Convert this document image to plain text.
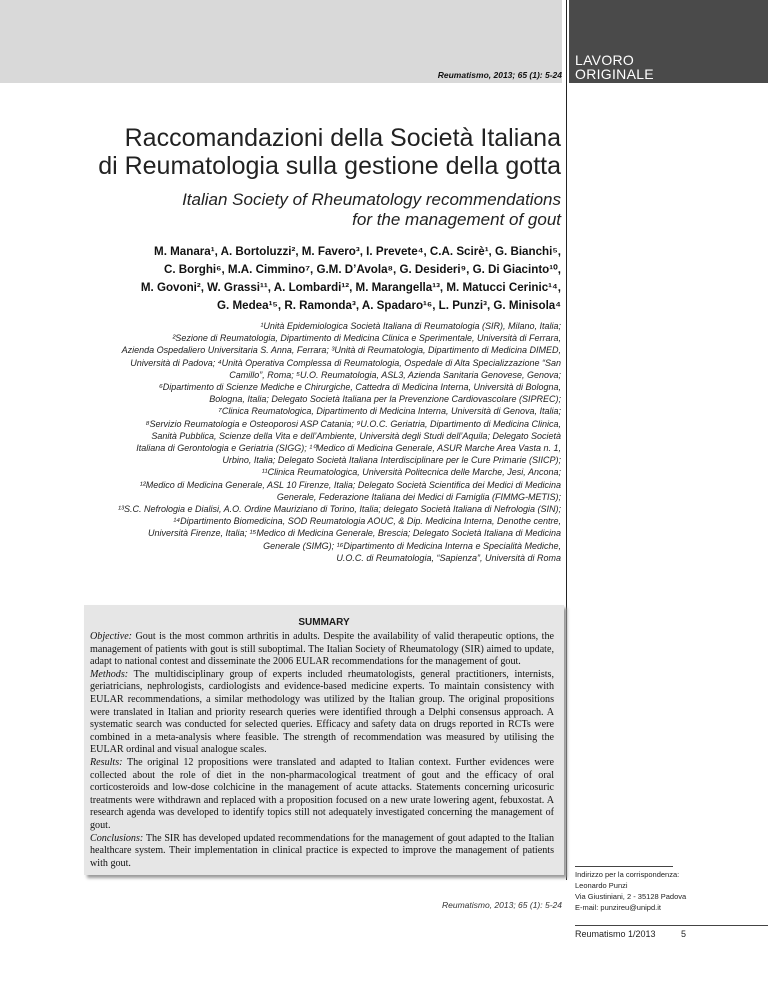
Reumatismo, 2013; 65 (1): 5-24
LAVORO
ORIGINALE
Raccomandazioni della Società Italiana
di Reumatologia sulla gestione della gotta
Italian Society of Rheumatology recommendations
for the management of gout
M. Manara¹, A. Bortoluzzi², M. Favero³, I. Prevete⁴, C.A. Scirè¹, G. Bianchi⁵,
C. Borghi⁶, M.A. Cimmino⁷, G.M. D’Avola⁸, G. Desideri⁹, G. Di Giacinto¹⁰,
M. Govoni², W. Grassi¹¹, A. Lombardi¹², M. Marangella¹³, M. Matucci Cerinic¹⁴,
G. Medea¹⁵, R. Ramonda³, A. Spadaro¹⁶, L. Punzi³, G. Minisola⁴
¹Unità Epidemiologica Società Italiana di Reumatologia (SIR), Milano, Italia;
²Sezione di Reumatologia, Dipartimento di Medicina Clinica e Sperimentale, Università di Ferrara,
Azienda Ospedaliero Universitaria S. Anna, Ferrara; ³Unità di Reumatologia, Dipartimento di Medicina DIMED,
Università di Padova; ⁴Unità Operativa Complessa di Reumatologia, Ospedale di Alta Specializzazione “San
Camillo”, Roma; ⁵U.O. Reumatologia, ASL3, Azienda Sanitaria Genovese, Genova;
⁶Dipartimento di Scienze Mediche e Chirurgiche, Cattedra di Medicina Interna, Università di Bologna,
Bologna, Italia; Delegato Società Italiana per la Prevenzione Cardiovascolare (SIPREC);
⁷Clinica Reumatologica, Dipartimento di Medicina Interna, Università di Genova, Italia;
⁸Servizio Reumatologia e Osteoporosi ASP Catania; ⁹U.O.C. Geriatria, Dipartimento di Medicina Clinica,
Sanità Pubblica, Scienze della Vita e dell’Ambiente, Università degli Studi dell’Aquila; Delegato Società
Italiana di Gerontologia e Geriatria (SIGG); ¹⁰Medico di Medicina Generale, ASUR Marche Area Vasta n. 1,
Urbino, Italia; Delegato Società Italiana Interdisciplinare per le Cure Primarie (SIICP);
¹¹Clinica Reumatologica, Università Politecnica delle Marche, Jesi, Ancona;
¹²Medico di Medicina Generale, ASL 10 Firenze, Italia; Delegato Società Scientifica dei Medici di Medicina
Generale, Federazione Italiana dei Medici di Famiglia (FIMMG-METIS);
¹³S.C. Nefrologia e Dialisi, A.O. Ordine Mauriziano di Torino, Italia; delegato Società Italiana di Nefrologia (SIN);
¹⁴Dipartimento Biomedicina, SOD Reumatologia AOUC, & Dip. Medicina Interna, Denothe centre,
Università Firenze, Italia; ¹⁵Medico di Medicina Generale, Brescia; Delegato Società Italiana di Medicina
Generale (SIMG); ¹⁶Dipartimento di Medicina Interna e Specialità Mediche,
U.O.C. di Reumatologia, “Sapienza”, Università di Roma
SUMMARY

Objective: Gout is the most common arthritis in adults. Despite the availability of valid therapeutic options, the management of patients with gout is still suboptimal. The Italian Society of Rheumatology (SIR) aimed to update, adapt to national contest and disseminate the 2006 EULAR recommendations for the management of gout.

Methods: The multidisciplinary group of experts included rheumatologists, general practitioners, internists, geriatricians, nephrologists, cardiologists and evidence-based medicine experts. To maintain consistency with EULAR recommendations, a similar methodology was utilized by the Italian group. The original propositions were translated in Italian and priority research queries were identified through a Delphi consensus approach. A systematic search was conducted for selected queries. Efficacy and safety data on drugs reported in RCTs were combined in a meta-analysis where feasible. The strength of recommendation was measured by utilising the EULAR ordinal and visual analogue scales.

Results: The original 12 propositions were translated and adapted to Italian context. Further evidences were collected about the role of diet in the non-pharmacological treatment of gout and the efficacy of oral corticosteroids and low-dose colchicine in the management of acute attacks. Statements concerning uricosuric treatments were withdrawn and replaced with a proposition focused on a new urate lowering agent, febuxostat. A research agenda was developed to identify topics still not adequately investigated concerning the management of gout.

Conclusions: The SIR has developed updated recommendations for the management of gout adapted to the Italian healthcare system. Their implementation in clinical practice is expected to improve the management of patients with gout.

Reumatismo, 2013; 65 (1): 5-24
Indirizzo per la corrispondenza:
Leonardo Punzi
Via Giustiniani, 2 - 35128 Padova
E-mail: punzireu@unipd.it
Reumatismo 1/2013	5
